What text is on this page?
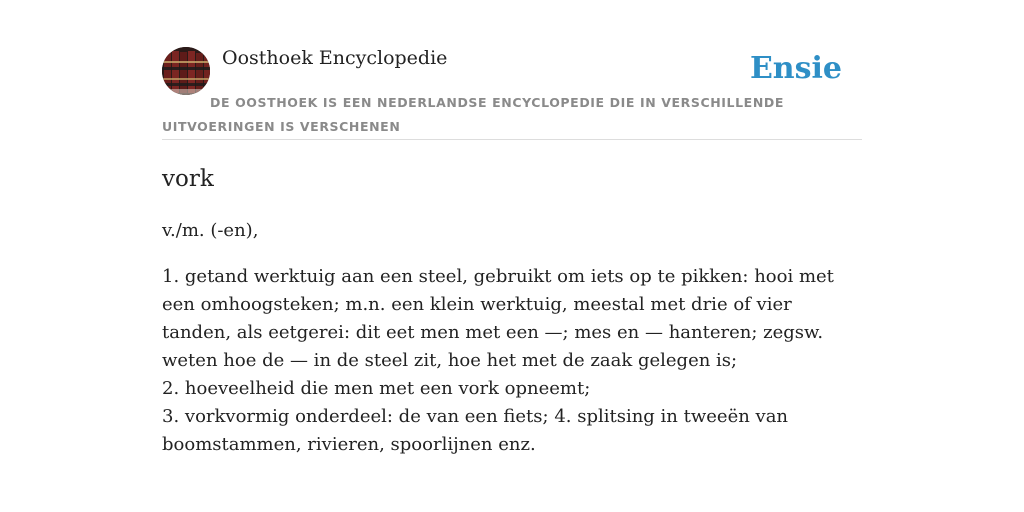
Oosthoek Encyclopedie	Ensie
DE OOSTHOEK IS EEN NEDERLANDSE ENCYCLOPEDIE DIE IN VERSCHILLENDE UITVOERINGEN IS VERSCHENEN
vork
v./m. (-en),
1. getand werktuig aan een steel, gebruikt om iets op te pikken: hooi met een omhoogsteken; m.n. een klein werktuig, meestal met drie of vier tanden, als eetgerei: dit eet men met een —; mes en — hanteren; zegsw. weten hoe de — in de steel zit, hoe het met de zaak gelegen is;
2. hoeveelheid die men met een vork opneemt;
3. vorkvormig onderdeel: de van een fiets; 4. splitsing in tweeën van boomstammen, rivieren, spoorlijnen enz.
